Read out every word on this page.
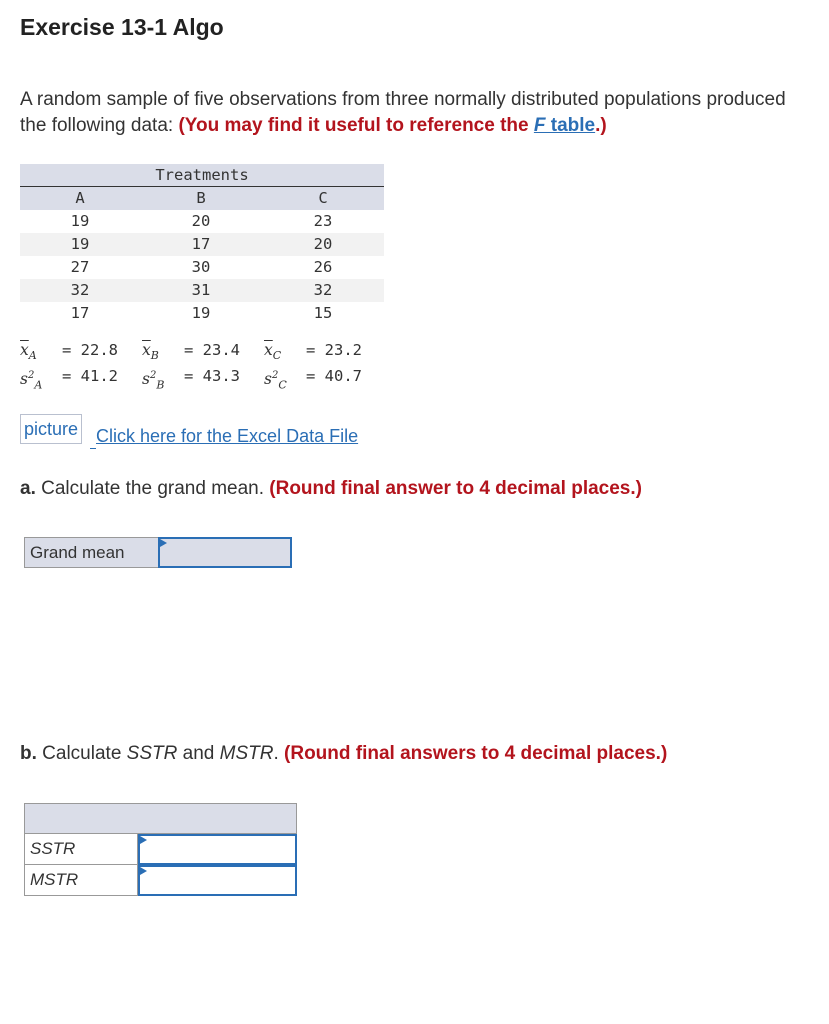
Exercise 13-1 Algo
A random sample of five observations from three normally distributed populations produced the following data: (You may find it useful to reference the F table.)
Treatments
A	B	C
19	20	23
19	17	20
27	30	26
32	31	32
17	19	15
$\overline{x}_A$	= 22.8 $\overline{x}_B$	= 23.4 $\overline{x}_C$	= 23.2
$s^2_A$	= 41.2 $s^2_B$	= 43.3 $s^2_C$	= 40.7
picture Click here for the Excel Data File
a. Calculate the grand mean. (Round final answer to 4 decimal places.)
Grand mean
b. Calculate SSTR and MSTR. (Round final answers to 4 decimal places.)
SSTR
MSTR
